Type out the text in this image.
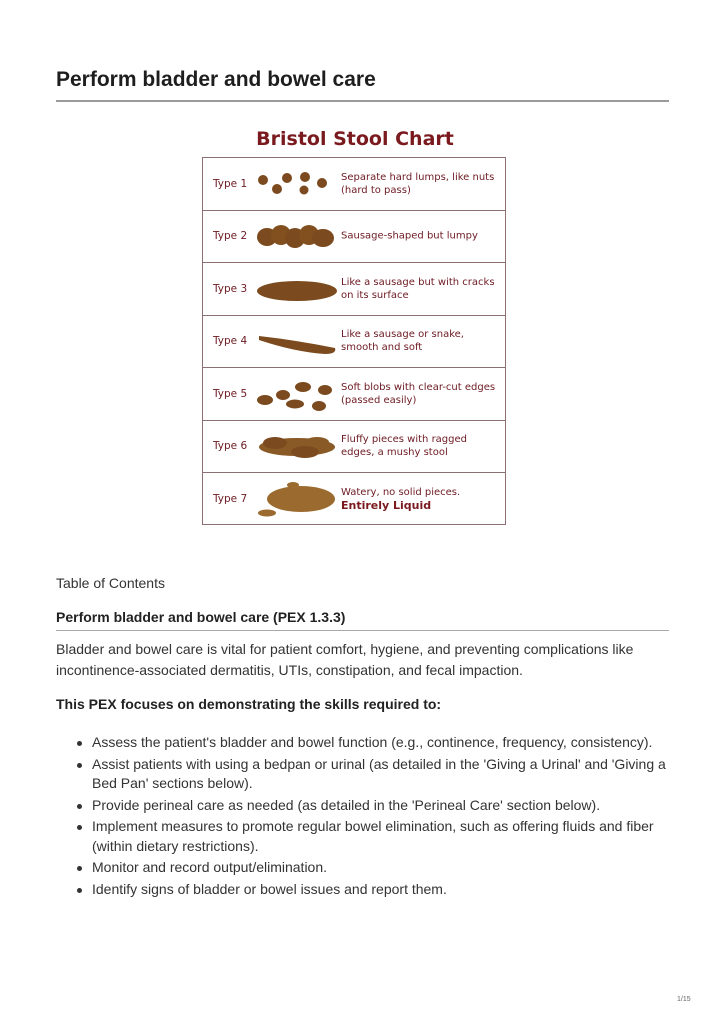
Perform bladder and bowel care
Bristol Stool Chart
Type 1
Separate hard lumps, like nuts (hard to pass)
Type 2	Sausage-shaped but lumpy
Type 3
Like a sausage but with cracks on its surface
Type 4
Like a sausage or snake, smooth and soft
Type 5
Soft blobs with clear-cut edges (passed easily)
Type 6
Fluffy pieces with ragged edges, a mushy stool
Type 7
Watery, no solid pieces.
Entirely Liquid
Table of Contents
Perform bladder and bowel care (PEX 1.3.3)

Bladder and bowel care is vital for patient comfort, hygiene, and preventing complications like incontinence-associated dermatitis, UTIs, constipation, and fecal impaction.

This PEX focuses on demonstrating the skills required to:

Assess the patient's bladder and bowel function (e.g., continence, frequency, consistency).
Assist patients with using a bedpan or urinal (as detailed in the 'Giving a Urinal' and 'Giving a Bed Pan' sections below).
Provide perineal care as needed (as detailed in the 'Perineal Care' section below).
Implement measures to promote regular bowel elimination, such as offering fluids and fiber (within dietary restrictions).
Monitor and record output/elimination.
Identify signs of bladder or bowel issues and report them.
1/15
